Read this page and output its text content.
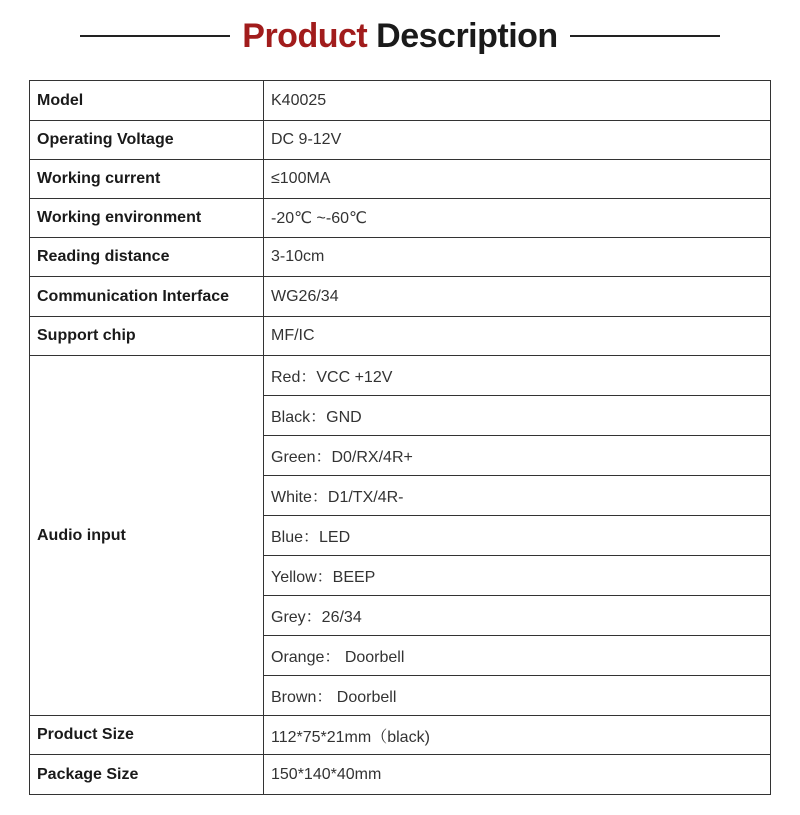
Product Description
Model	K40025
Operating Voltage	DC 9-12V
Working current	≤100MA
Working environment	-20℃ ~-60℃
Reading distance	3-10cm
Communication Interface	WG26/34
Support chip	MF/IC
Audio input	Red：VCC +12V
	Black：GND
	Green：D0/RX/4R+
	White：D1/TX/4R-
	Blue：LED
	Yellow：BEEP
	Grey：26/34
	Orange： Doorbell
	Brown： Doorbell
Product Size	112*75*21mm（black)
Package Size	150*140*40mm
